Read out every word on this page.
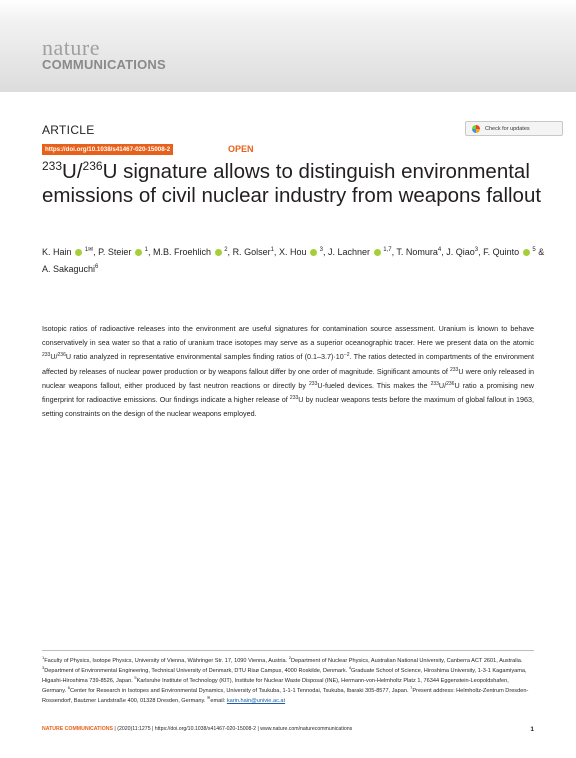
nature
COMMUNICATIONS
ARTICLE	Check for updates
https://doi.org/10.1038/s41467-020-15008-2	OPEN
$^{233}$U/$^{236}$U signature allows to distinguish environmental emissions of civil nuclear industry from weapons fallout
K. Hain  $^{1✉}$, P. Steier  $^1$, M.B. Froehlich  $^2$, R. Golser$^1$, X. Hou  $^3$, J. Lachner  $^{1,7}$, T. Nomura$^4$, J. Qiao$^3$, F. Quinto  $^5$ & A. Sakaguchi$^6$
Isotopic ratios of radioactive releases into the environment are useful signatures for contamination source assessment. Uranium is known to behave conservatively in sea water so that a ratio of uranium trace isotopes may serve as a superior oceanographic tracer. Here we present data on the atomic $^{233}$U/$^{236}$U ratio analyzed in representative environmental samples finding ratios of $(0.1-3.7)\cdot 10^{-2}$. The ratios detected in compartments of the environment affected by releases of nuclear power production or by weapons fallout differ by one order of magnitude. Significant amounts of $^{233}$U were only released in nuclear weapons fallout, either produced by fast neutron reactions or directly by $^{233}$U-fueled devices. This makes the $^{233}$U/$^{236}$U ratio a promising new fingerprint for radioactive emissions. Our findings indicate a higher release of $^{233}$U by nuclear weapons tests before the maximum of global fallout in 1963, setting constraints on the design of the nuclear weapons employed.
$^1$Faculty of Physics, Isotope Physics, University of Vienna, Währinger Str. 17, 1090 Vienna, Austria. $^2$Department of Nuclear Physics, Australian National University, Canberra ACT 2601, Australia. $^3$Department of Environmental Engineering, Technical University of Denmark, DTU Risø Campus, 4000 Roskilde, Denmark. $^4$Graduate School of Science, Hiroshima University, 1-3-1 Kagamiyama, Higashi-Hiroshima 739-8526, Japan. $^5$Karlsruhe Institute of Technology (KIT), Institute for Nuclear Waste Disposal (INE), Hermann-von-Helmholtz Platz 1, 76344 Eggenstein-Leopoldshafen, Germany. $^6$Center for Research in Isotopes and Environmental Dynamics, University of Tsukuba, 1-1-1 Tennodai, Tsukuba, Ibaraki 305-8577, Japan. $^7$Present address: Helmholtz-Zentrum Dresden-Rossendorf, Bautzner Landstraße 400, 01328 Dresden, Germany. ✉email: karin.hain@univie.ac.at
NATURE COMMUNICATIONS | (2020)11:1275 | https://doi.org/10.1038/s41467-020-15008-2 | www.nature.com/naturecommunications	1
